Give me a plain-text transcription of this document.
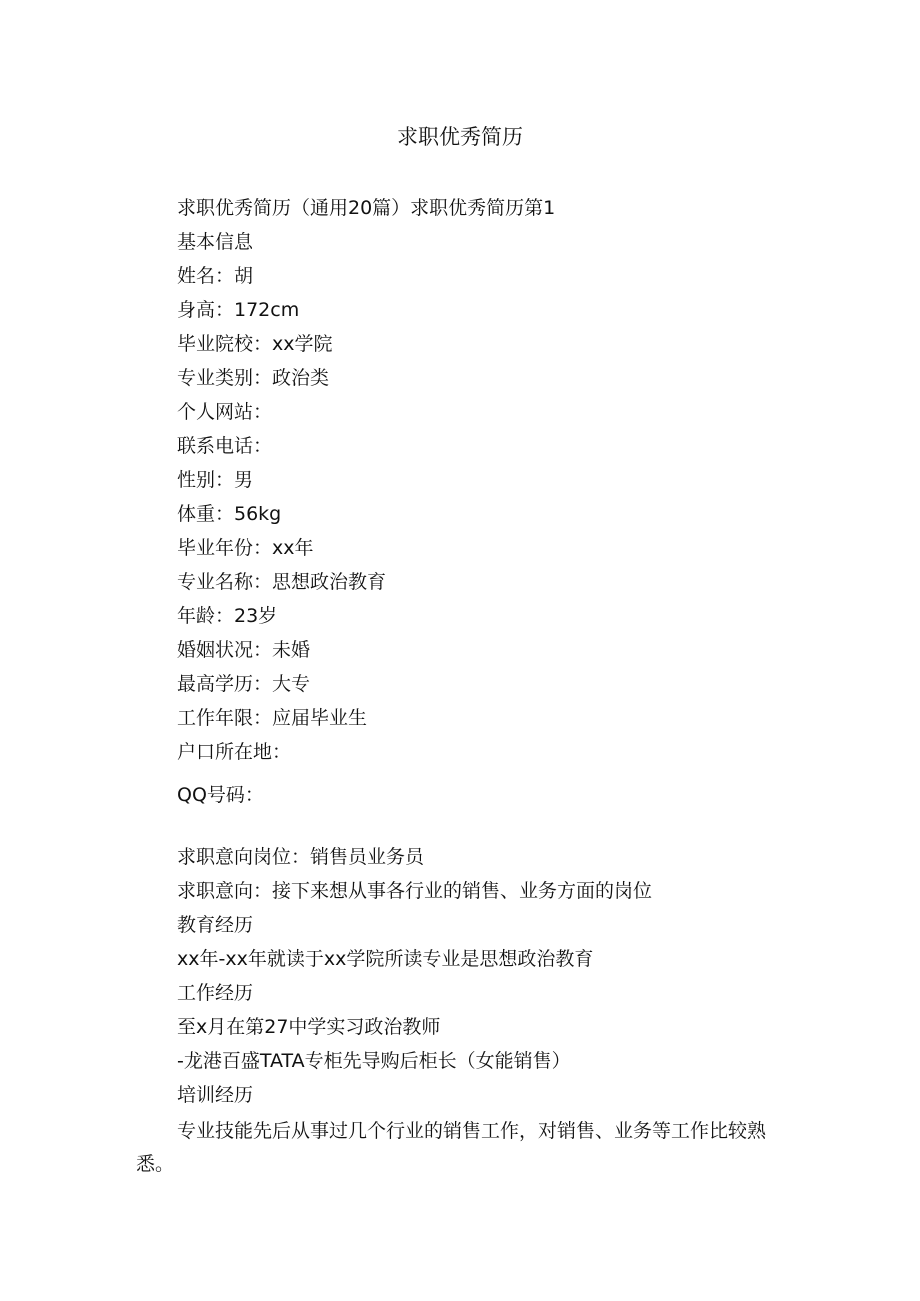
求职优秀简历
求职优秀简历（通用20篇）求职优秀简历第1
基本信息
姓名：胡
身高：172cm
毕业院校：xx学院
专业类别：政治类
个人网站：
联系电话：
性别：男
体重：56kg
毕业年份：xx年
专业名称：思想政治教育
年龄：23岁
婚姻状况：未婚
最高学历：大专
工作年限：应届毕业生
户口所在地：
QQ号码：
求职意向岗位：销售员业务员
求职意向：接下来想从事各行业的销售、业务方面的岗位
教育经历
xx年-xx年就读于xx学院所读专业是思想政治教育
工作经历
至x月在第27中学实习政治教师
-龙港百盛TATA专柜先导购后柜长（女能销售）
培训经历
专业技能先后从事过几个行业的销售工作，对销售、业务等工作比较熟悉。
